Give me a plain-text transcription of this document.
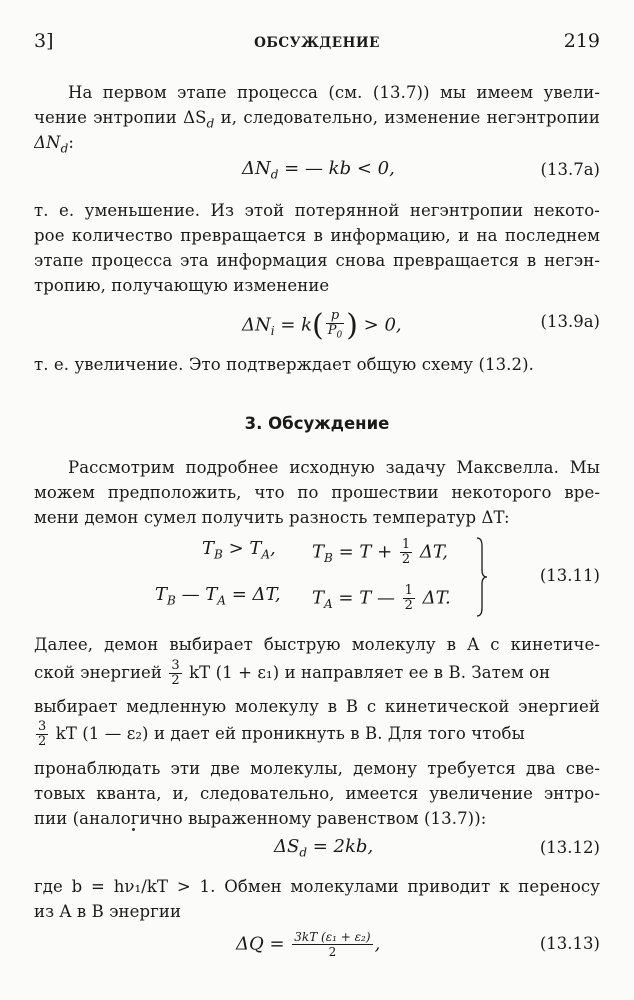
3]	ОБСУЖДЕНИЕ	219
На первом этапе процесса (см. (13.7)) мы имеем увели-
чение энтропии $\Delta S_d$ и, следовательно, изменение негэнтропии
$\Delta N_d$:
$\Delta N_d$ = — kb < 0,	(13.7a)
т. е. уменьшение. Из этой потерянной негэнтропии некото-
рое количество превращается в информацию, и на последнем
этапе процесса эта информация снова превращается в негэн-
тропию, получающую изменение
$\Delta N_i = k( \frac{p}{P_0}$ ) > 0,	(13.9a)
т. е. увеличение. Это подтверждает общую схему (13.2).
3. Обсуждение
Рассмотрим подробнее исходную задачу Максвелла. Мы
можем предположить, что по прошествии некоторого вре-
мени демон сумел получить разность температур ΔT:
$T_B > T_A$, $T_B = T + \frac{1}{2} \Delta T$,
$T_B$ — $T_A = \Delta T$, $T_A = T$ — $\frac{1}{2} \Delta T$.
(13.11)
Далее, демон выбирает быструю молекулу в A с кинетиче-
ской энергией $\frac{3}{2}$ kT (1 + ε₁) и направляет ее в B. Затем он
выбирает медленную молекулу в B с кинетической энергией
$\frac{3}{2}$ kT (1 — ε₂) и дает ей проникнуть в B. Для того чтобы
пронаблюдать эти две молекулы, демону требуется два све-
товых кванта, и, следовательно, имеется увеличение энтро-
пии (аналогично выраженному равенством (13.7)):
$\Delta S_d = 2kb$,	(13.12)
где b = hν₁/kT > 1. Обмен молекулами приводит к переносу
из A в B энергии
$\Delta Q = \frac{\text{3kT (ε₁ + ε₂)}}{2}$ ,	(13.13)
